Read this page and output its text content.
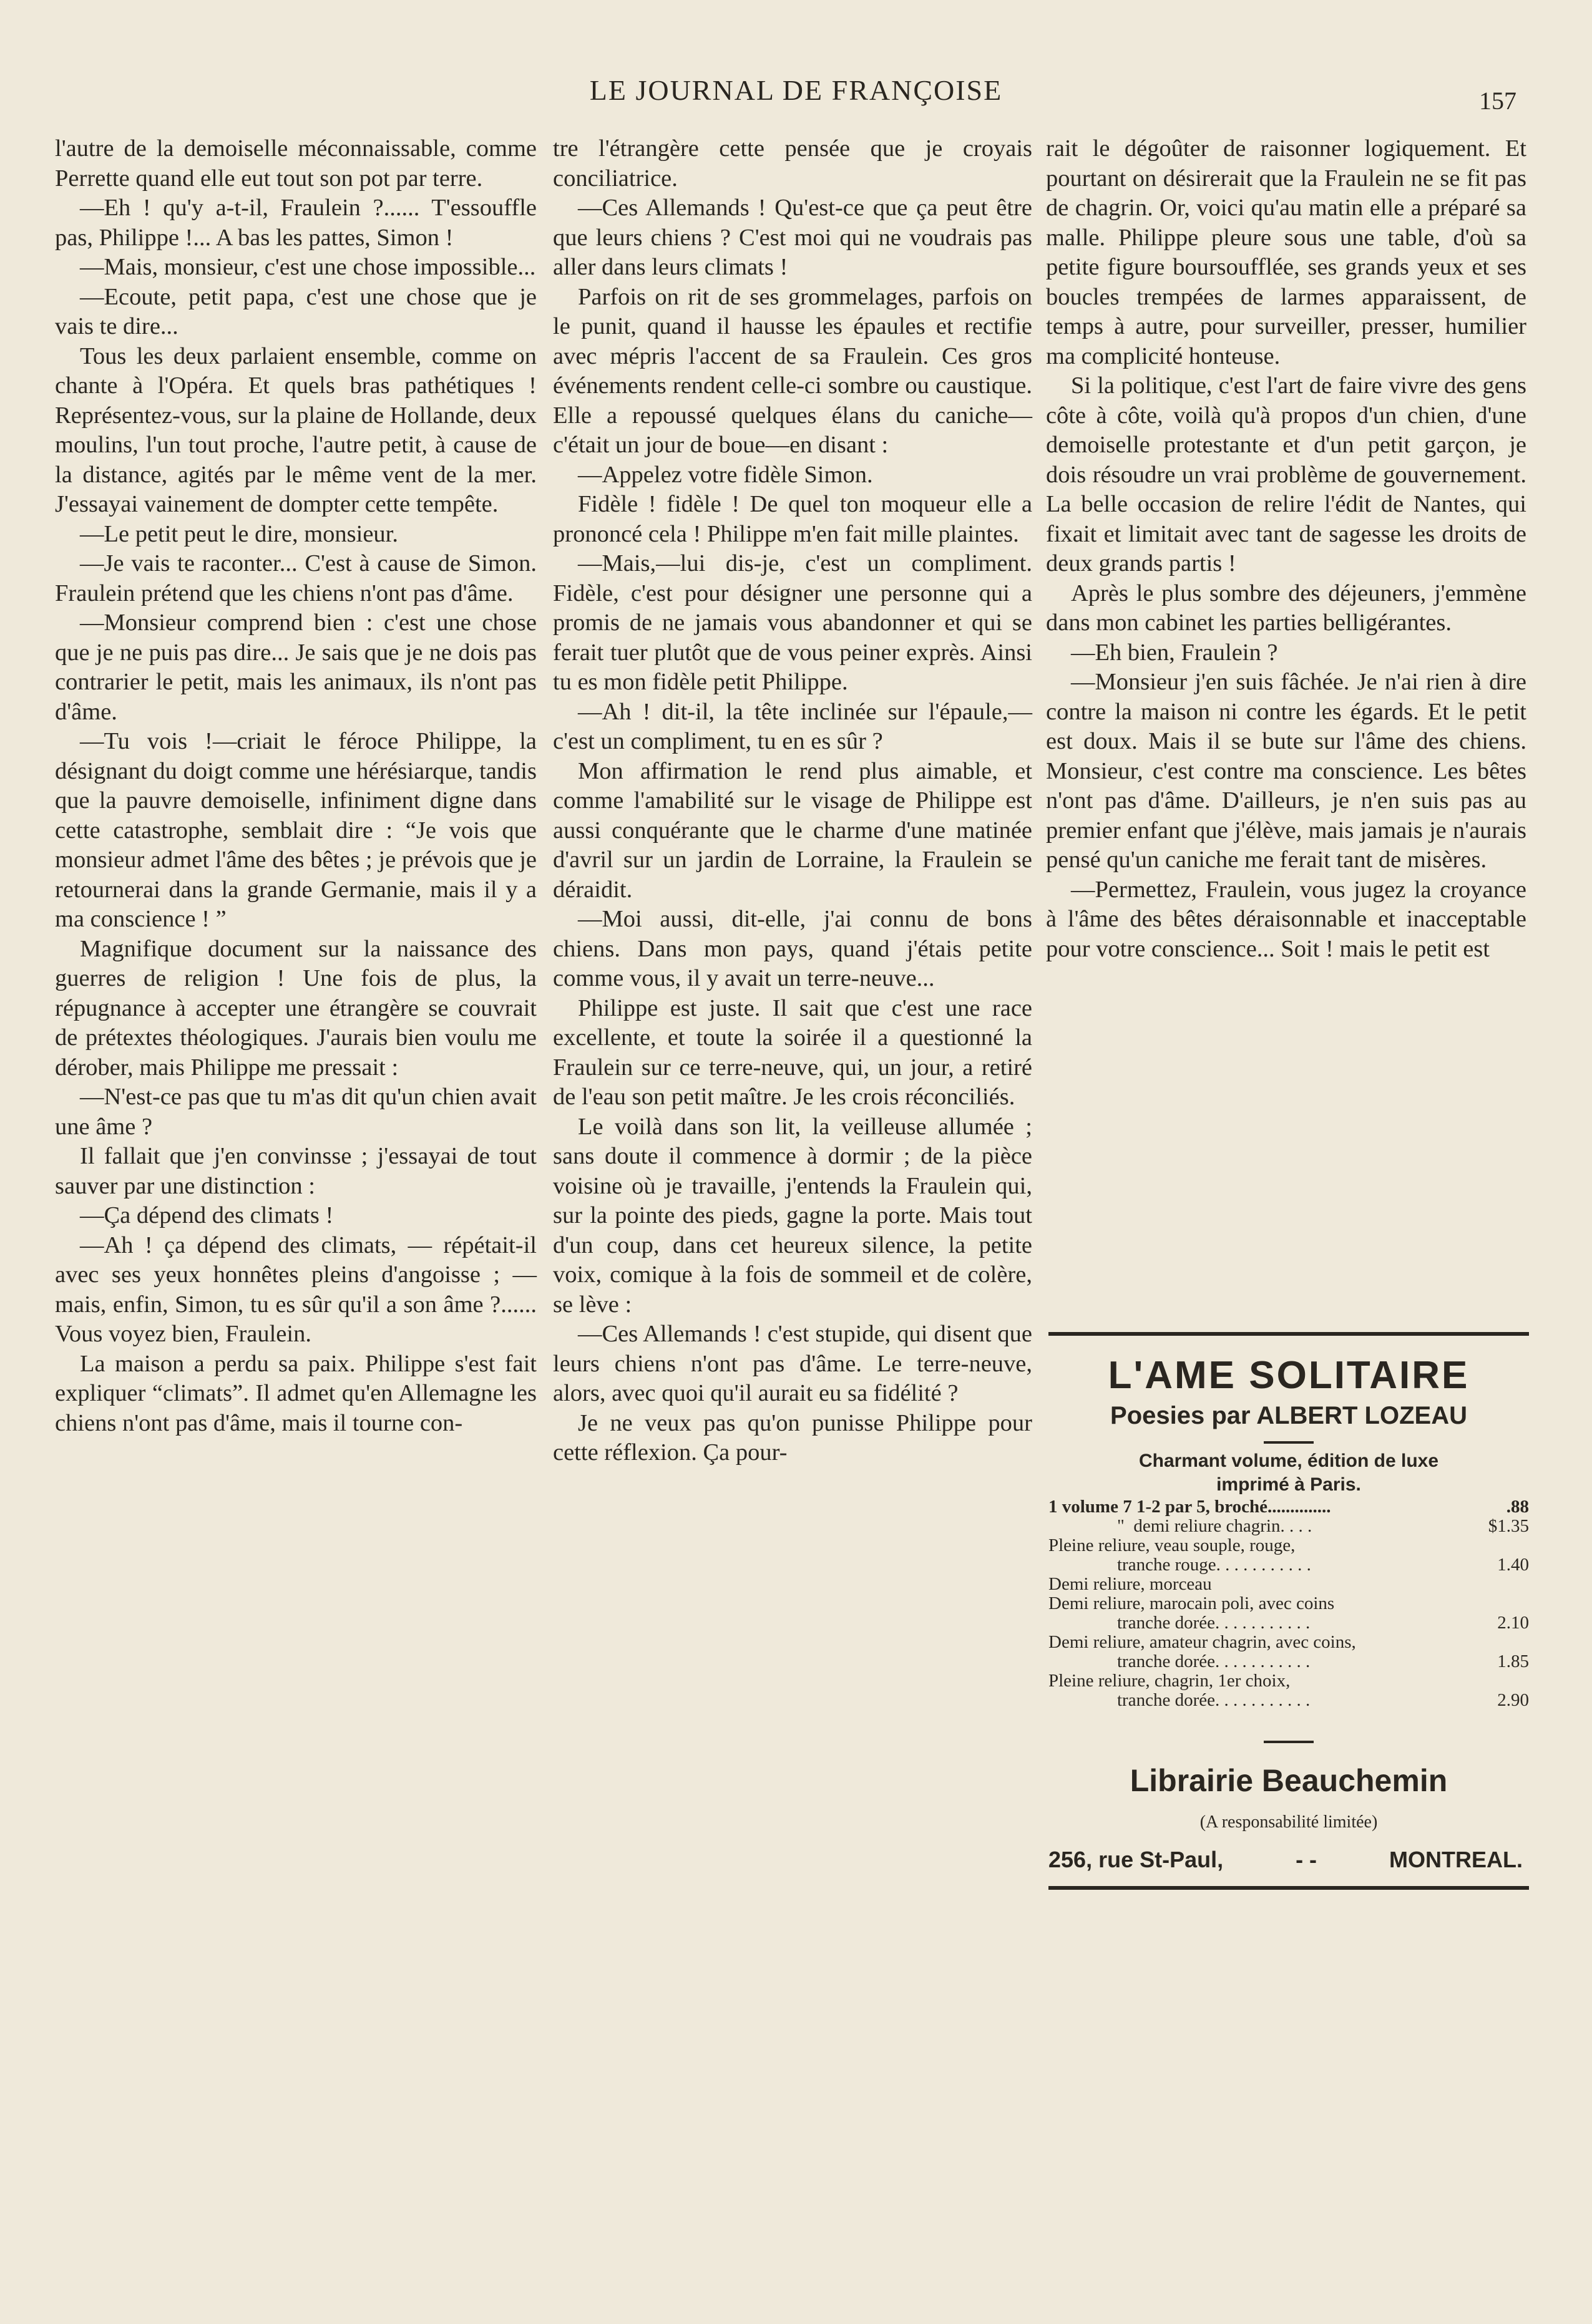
LE JOURNAL DE FRANÇOISE	157

l'autre de la demoiselle méconnaissable, comme Perrette quand elle eut tout son pot par terre.

—Eh ! qu'y a-t-il, Fraulein ?...... T'essouffle pas, Philippe !... A bas les pattes, Simon !

—Mais, monsieur, c'est une chose impossible...

—Ecoute, petit papa, c'est une chose que je vais te dire...

Tous les deux parlaient ensemble, comme on chante à l'Opéra. Et quels bras pathétiques ! Représentez-vous, sur la plaine de Hollande, deux moulins, l'un tout proche, l'autre petit, à cause de la distance, agités par le même vent de la mer. J'essayai vainement de dompter cette tempête.

—Le petit peut le dire, monsieur.

—Je vais te raconter... C'est à cause de Simon. Fraulein prétend que les chiens n'ont pas d'âme.

—Monsieur comprend bien : c'est une chose que je ne puis pas dire... Je sais que je ne dois pas contrarier le petit, mais les animaux, ils n'ont pas d'âme.

—Tu vois !—criait le féroce Philippe, la désignant du doigt comme une hérésiarque, tandis que la pauvre demoiselle, infiniment digne dans cette catastrophe, semblait dire : “Je vois que monsieur admet l'âme des bêtes ; je prévois que je retournerai dans la grande Germanie, mais il y a ma conscience ! ”

Magnifique document sur la naissance des guerres de religion ! Une fois de plus, la répugnance à accepter une étrangère se couvrait de prétextes théologiques. J'aurais bien voulu me dérober, mais Philippe me pressait :

—N'est-ce pas que tu m'as dit qu'un chien avait une âme ?

Il fallait que j'en convinsse ; j'essayai de tout sauver par une distinction :

—Ça dépend des climats !

—Ah ! ça dépend des climats, — répétait-il avec ses yeux honnêtes pleins d'angoisse ; — mais, enfin, Simon, tu es sûr qu'il a son âme ?...... Vous voyez bien, Fraulein.

La maison a perdu sa paix. Philippe s'est fait expliquer “climats”. Il admet qu'en Allemagne les chiens n'ont pas d'âme, mais il tourne con-

tre l'étrangère cette pensée que je croyais conciliatrice.

—Ces Allemands ! Qu'est-ce que ça peut être que leurs chiens ? C'est moi qui ne voudrais pas aller dans leurs climats !

Parfois on rit de ses grommelages, parfois on le punit, quand il hausse les épaules et rectifie avec mépris l'accent de sa Fraulein. Ces gros événements rendent celle-ci sombre ou caustique. Elle a repoussé quelques élans du caniche—c'était un jour de boue—en disant :

—Appelez votre fidèle Simon.

Fidèle ! fidèle ! De quel ton moqueur elle a prononcé cela ! Philippe m'en fait mille plaintes.

—Mais,—lui dis-je, c'est un compliment. Fidèle, c'est pour désigner une personne qui a promis de ne jamais vous abandonner et qui se ferait tuer plutôt que de vous peiner exprès. Ainsi tu es mon fidèle petit Philippe.

—Ah ! dit-il, la tête inclinée sur l'épaule,—c'est un compliment, tu en es sûr ?

Mon affirmation le rend plus aimable, et comme l'amabilité sur le visage de Philippe est aussi conquérante que le charme d'une matinée d'avril sur un jardin de Lorraine, la Fraulein se déraidit.

—Moi aussi, dit-elle, j'ai connu de bons chiens. Dans mon pays, quand j'étais petite comme vous, il y avait un terre-neuve...

Philippe est juste. Il sait que c'est une race excellente, et toute la soirée il a questionné la Fraulein sur ce terre-neuve, qui, un jour, a retiré de l'eau son petit maître. Je les crois réconciliés.

Le voilà dans son lit, la veilleuse allumée ; sans doute il commence à dormir ; de la pièce voisine où je travaille, j'entends la Fraulein qui, sur la pointe des pieds, gagne la porte. Mais tout d'un coup, dans cet heureux silence, la petite voix, comique à la fois de sommeil et de colère, se lève :

—Ces Allemands ! c'est stupide, qui disent que leurs chiens n'ont pas d'âme. Le terre-neuve, alors, avec quoi qu'il aurait eu sa fidélité ?

Je ne veux pas qu'on punisse Philippe pour cette réflexion. Ça pour-

rait le dégoûter de raisonner logiquement. Et pourtant on désirerait que la Fraulein ne se fit pas de chagrin. Or, voici qu'au matin elle a préparé sa malle. Philippe pleure sous une table, d'où sa petite figure boursoufflée, ses grands yeux et ses boucles trempées de larmes apparaissent, de temps à autre, pour surveiller, presser, humilier ma complicité honteuse.

Si la politique, c'est l'art de faire vivre des gens côte à côte, voilà qu'à propos d'un chien, d'une demoiselle protestante et d'un petit garçon, je dois résoudre un vrai problème de gouvernement. La belle occasion de relire l'édit de Nantes, qui fixait et limitait avec tant de sagesse les droits de deux grands partis !

Après le plus sombre des déjeuners, j'emmène dans mon cabinet les parties belligérantes.

—Eh bien, Fraulein ?

—Monsieur j'en suis fâchée. Je n'ai rien à dire contre la maison ni contre les égards. Et le petit est doux. Mais il se bute sur l'âme des chiens. Monsieur, c'est contre ma conscience. Les bêtes n'ont pas d'âme. D'ailleurs, je n'en suis pas au premier enfant que j'élève, mais jamais je n'aurais pensé qu'un caniche me ferait tant de misères.

—Permettez, Fraulein, vous jugez la croyance à l'âme des bêtes déraisonnable et inacceptable pour votre conscience... Soit ! mais le petit est

L'AME SOLITAIRE
Poesies par ALBERT LOZEAU
Charmant volume, édition de luxe
imprimé à Paris.
1 volume 7 1-2 par 5, broché..............	.88
"  demi reliure chagrin. . . .	$1.35
Pleine reliure, veau souple, rouge,
tranche rouge. . . . . . . . . . .	1.40
Demi reliure, morceau
Demi reliure, marocain poli, avec coins
tranche dorée. . . . . . . . . . .	2.10
Demi reliure, amateur chagrin, avec coins,
tranche dorée. . . . . . . . . . .	1.85
Pleine reliure, chagrin, 1er choix,
tranche dorée. . . . . . . . . . .	2.90
Librairie Beauchemin
(A responsabilité limitée)
256, rue St-Paul,	- -	MONTREAL.
